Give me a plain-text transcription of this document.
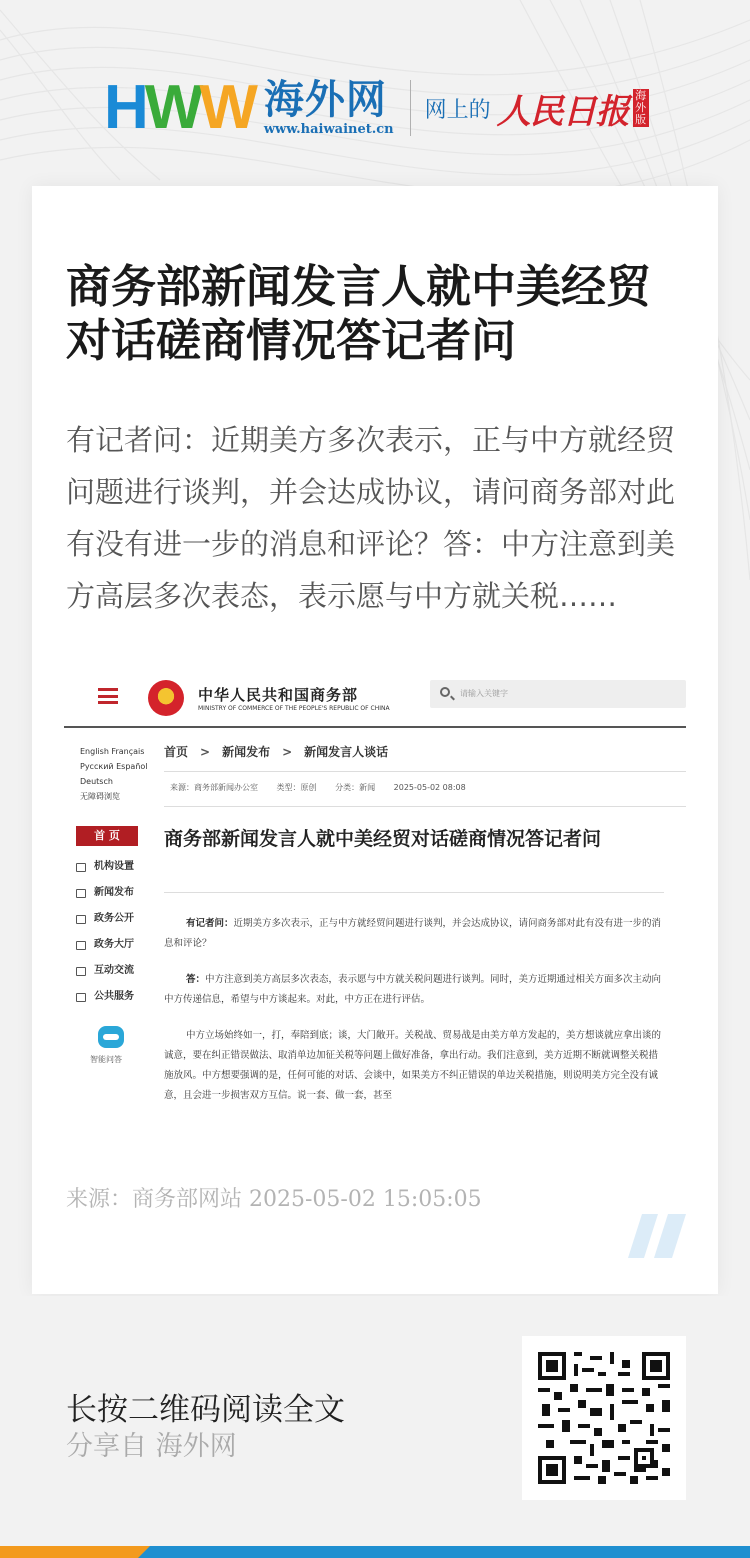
H W W 海外网
www.haiwainet.cn
网上的 人民日报 海外版
商务部新闻发言人就中美经贸对话磋商情况答记者问

有记者问：近期美方多次表示，正与中方就经贸问题进行谈判，并会达成协议，请问商务部对此有没有进一步的消息和评论？答：中方注意到美方高层多次表态，表示愿与中方就关税……

中华人民共和国商务部
MINISTRY OF COMMERCE OF THE PEOPLE'S REPUBLIC OF CHINA
请输入关键字
English Français
Русский Español
Deutsch
无障碍浏览
首 页
机构设置
新闻发布
政务公开
政务大厅
互动交流
公共服务
智能问答
首页 > 新闻发布 > 新闻发言人谈话
来源：商务部新闻办公室 类型：原创 分类：新闻 2025-05-02 08:08
商务部新闻发言人就中美经贸对话磋商情况答记者问

有记者问：近期美方多次表示，正与中方就经贸问题进行谈判，并会达成协议，请问商务部对此有没有进一步的消息和评论？

答：中方注意到美方高层多次表态，表示愿与中方就关税问题进行谈判。同时，美方近期通过相关方面多次主动向中方传递信息，希望与中方谈起来。对此，中方正在进行评估。

中方立场始终如一，打，奉陪到底；谈，大门敞开。关税战、贸易战是由美方单方发起的，美方想谈就应拿出谈的诚意，要在纠正错误做法、取消单边加征关税等问题上做好准备，拿出行动。我们注意到，美方近期不断就调整关税措施放风。中方想要强调的是，任何可能的对话、会谈中，如果美方不纠正错误的单边关税措施，则说明美方完全没有诚意，且会进一步损害双方互信。说一套、做一套，甚至

来源：商务部网站 2025-05-02 15:05:05
长按二维码阅读全文
分享自 海外网
